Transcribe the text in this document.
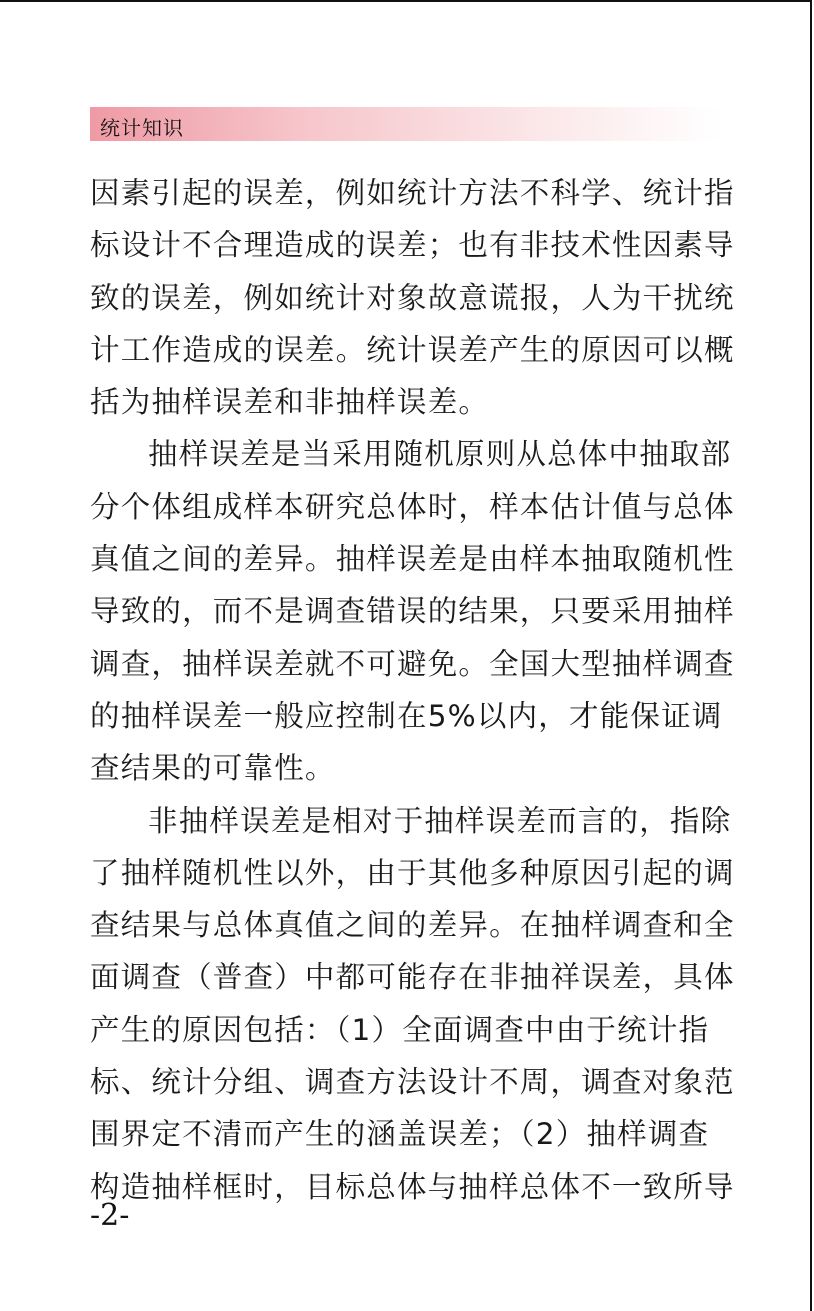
统计知识
因素引起的误差，例如统计方法不科学、统计指
标设计不合理造成的误差；也有非技术性因素导
致的误差，例如统计对象故意谎报，人为干扰统
计工作造成的误差。统计误差产生的原因可以概
括为抽样误差和非抽样误差。
抽样误差是当采用随机原则从总体中抽取部
分个体组成样本研究总体时，样本估计值与总体
真值之间的差异。抽样误差是由样本抽取随机性
导致的，而不是调查错误的结果，只要采用抽样
调查，抽样误差就不可避免。全国大型抽样调查
的抽样误差一般应控制在5%以内，才能保证调
查结果的可靠性。
非抽样误差是相对于抽样误差而言的，指除
了抽样随机性以外，由于其他多种原因引起的调
查结果与总体真值之间的差异。在抽样调查和全
面调查（普查）中都可能存在非抽祥误差，具体
产生的原因包括：（1）全面调查中由于统计指
标、统计分组、调查方法设计不周，调查对象范
围界定不清而产生的涵盖误差；（2）抽样调查
构造抽样框时，目标总体与抽样总体不一致所导
-2-
